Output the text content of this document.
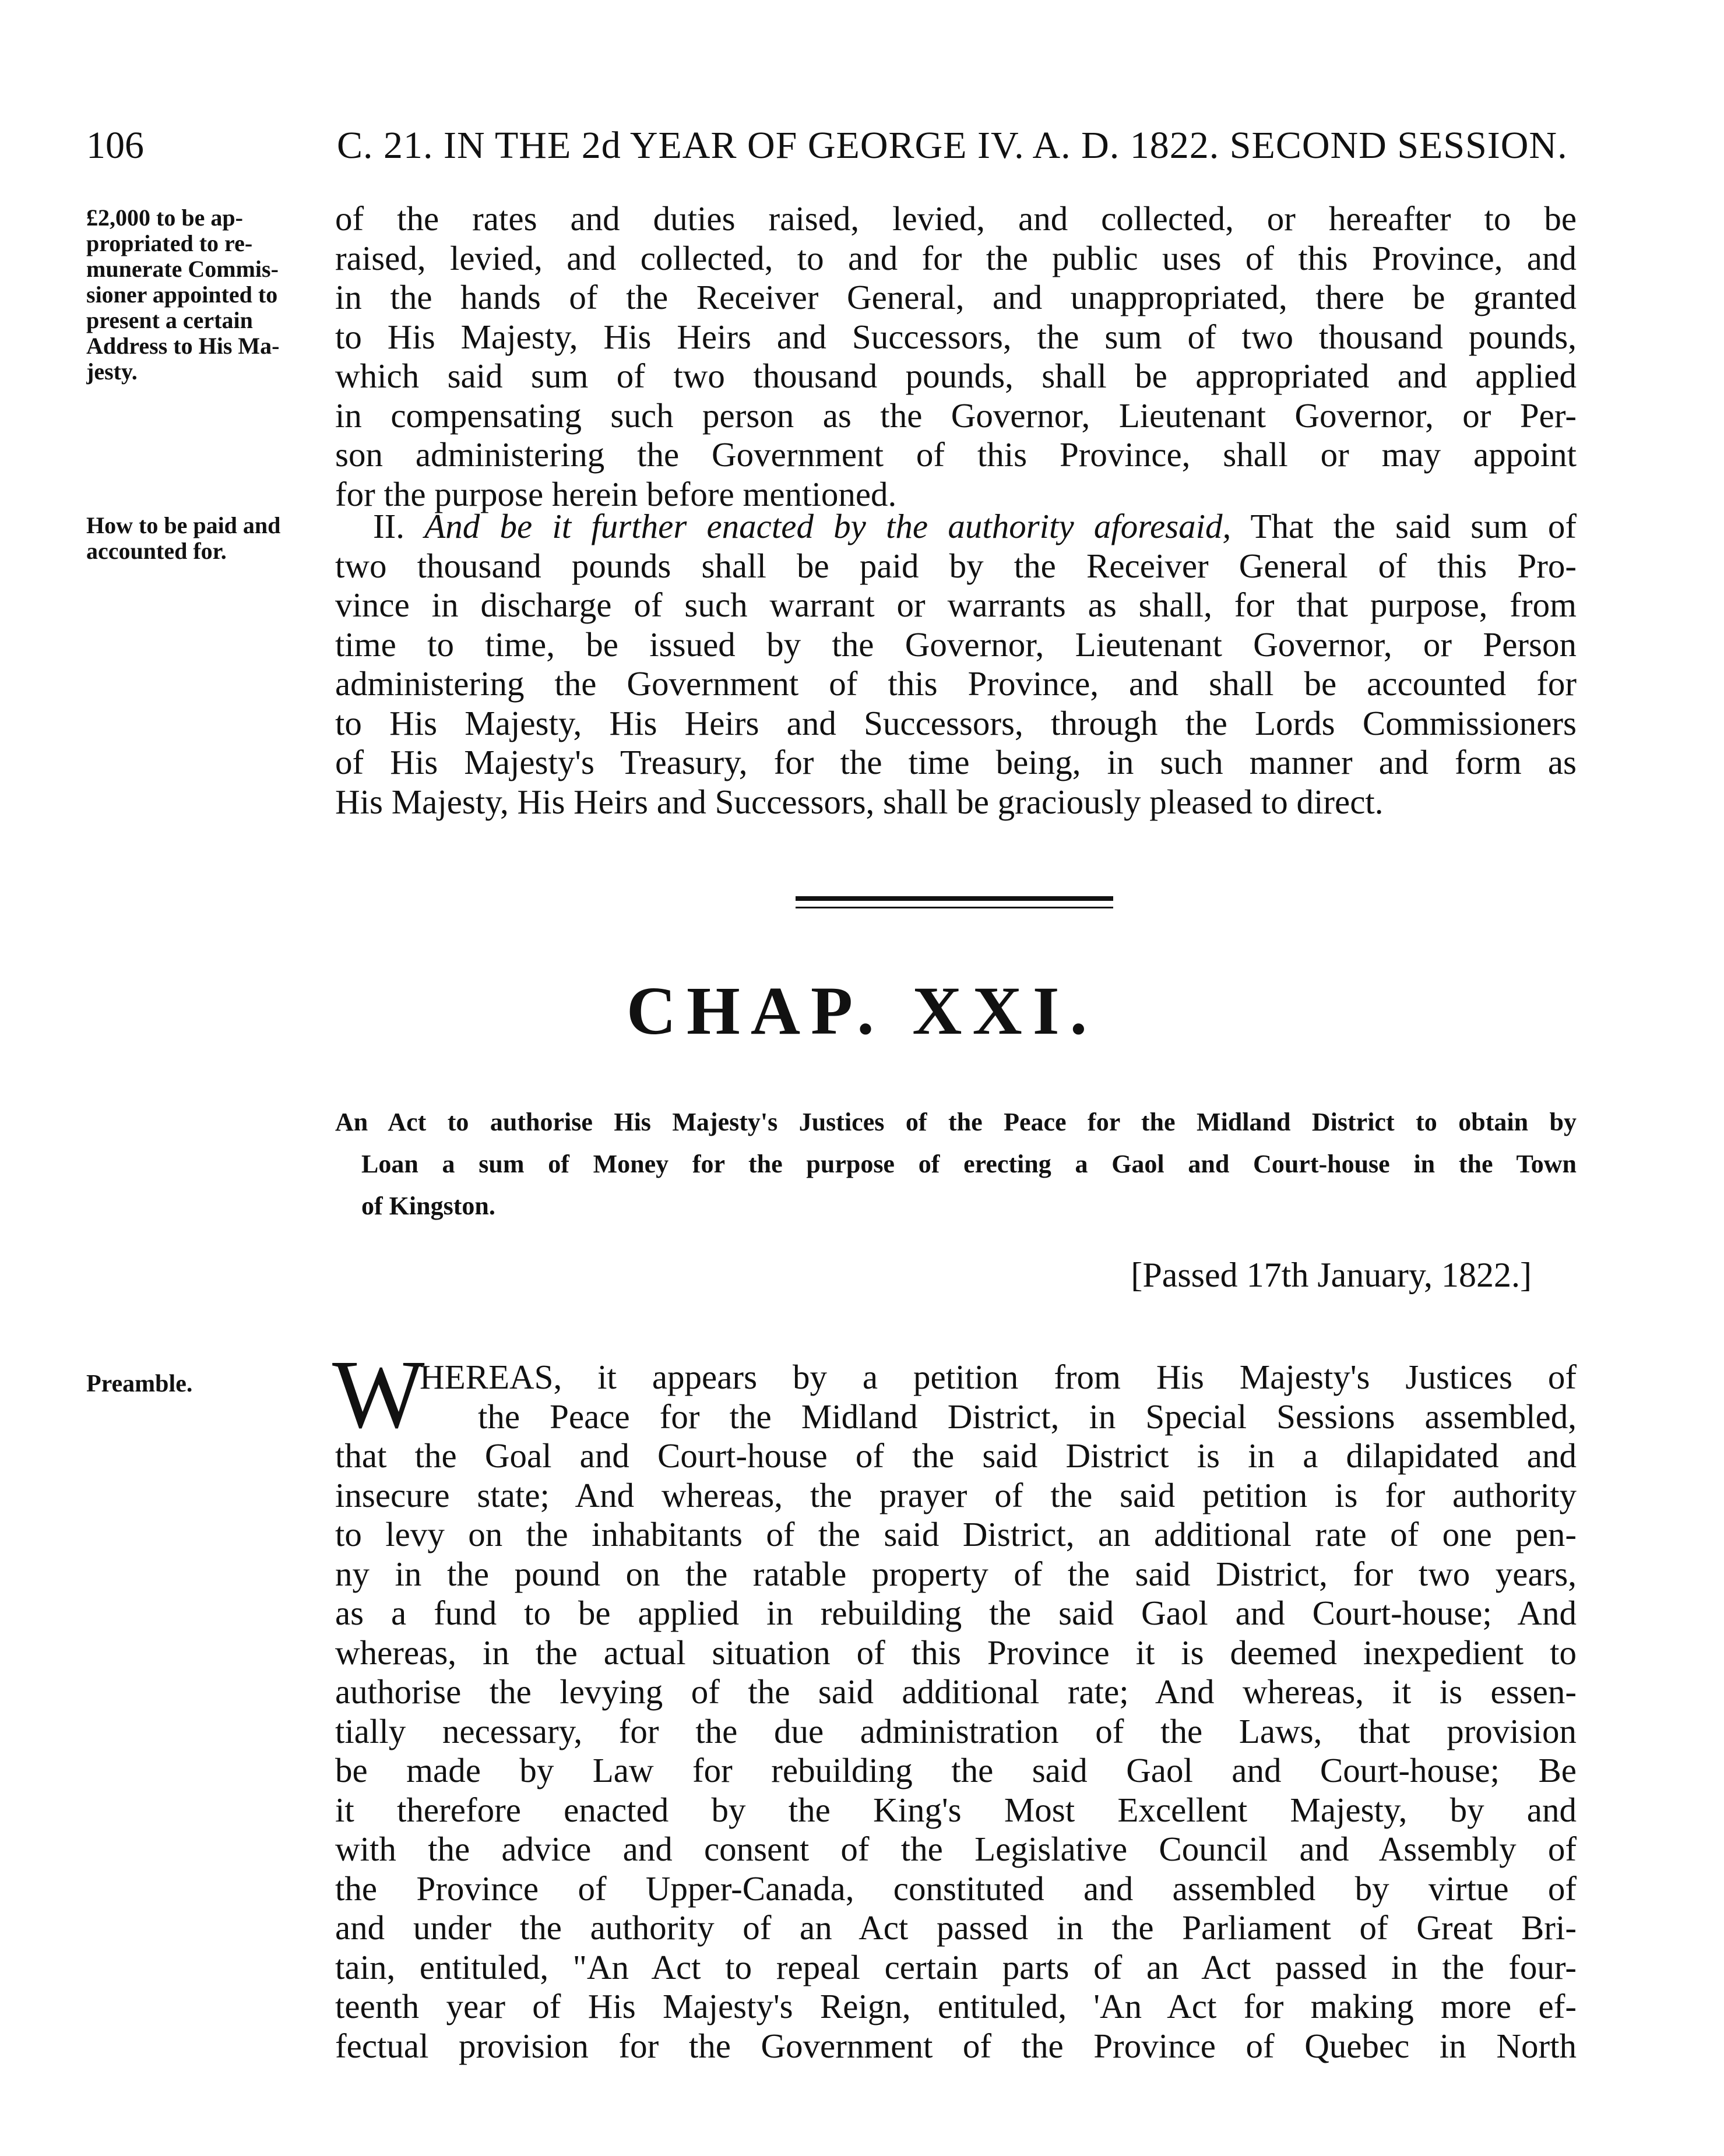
106	C. 21. IN THE 2d YEAR OF GEORGE IV. A. D. 1822. SECOND SESSION.
£2,000 to be ap-
propriated to re-
munerate Commis-
sioner appointed to
present a certain
Address to His Ma-
jesty.
of the rates and duties raised, levied, and collected, or hereafter to be
raised, levied, and collected, to and for the public uses of this Province, and
in the hands of the Receiver General, and unappropriated, there be granted
to His Majesty, His Heirs and Successors, the sum of two thousand pounds,
which said sum of two thousand pounds, shall be appropriated and applied
in compensating such person as the Governor, Lieutenant Governor, or Per-
son administering the Government of this Province, shall or may appoint
for the purpose herein before mentioned.
How to be paid and
accounted for.
II. And be it further enacted by the authority aforesaid, That the said sum of
two thousand pounds shall be paid by the Receiver General of this Pro-
vince in discharge of such warrant or warrants as shall, for that purpose, from
time to time, be issued by the Governor, Lieutenant Governor, or Person
administering the Government of this Province, and shall be accounted for
to His Majesty, His Heirs and Successors, through the Lords Commissioners
of His Majesty's Treasury, for the time being, in such manner and form as
His Majesty, His Heirs and Successors, shall be graciously pleased to direct.
CHAP. XXI.
An Act to authorise His Majesty's Justices of the Peace for the Midland District to obtain by
Loan a sum of Money for the purpose of erecting a Gaol and Court-house in the Town
of Kingston.
[Passed 17th January, 1822.]
Preamble. W
HEREAS, it appears by a petition from His Majesty's Justices of
the Peace for the Midland District, in Special Sessions assembled,
that the Goal and Court-house of the said District is in a dilapidated and
insecure state; And whereas, the prayer of the said petition is for authority
to levy on the inhabitants of the said District, an additional rate of one pen-
ny in the pound on the ratable property of the said District, for two years,
as a fund to be applied in rebuilding the said Gaol and Court-house; And
whereas, in the actual situation of this Province it is deemed inexpedient to
authorise the levying of the said additional rate; And whereas, it is essen-
tially necessary, for the due administration of the Laws, that provision
be made by Law for rebuilding the said Gaol and Court-house; Be
it therefore enacted by the King's Most Excellent Majesty, by and
with the advice and consent of the Legislative Council and Assembly of
the Province of Upper-Canada, constituted and assembled by virtue of
and under the authority of an Act passed in the Parliament of Great Bri-
tain, entituled, "An Act to repeal certain parts of an Act passed in the four-
teenth year of His Majesty's Reign, entituled, 'An Act for making more ef-
fectual provision for the Government of the Province of Quebec in North
